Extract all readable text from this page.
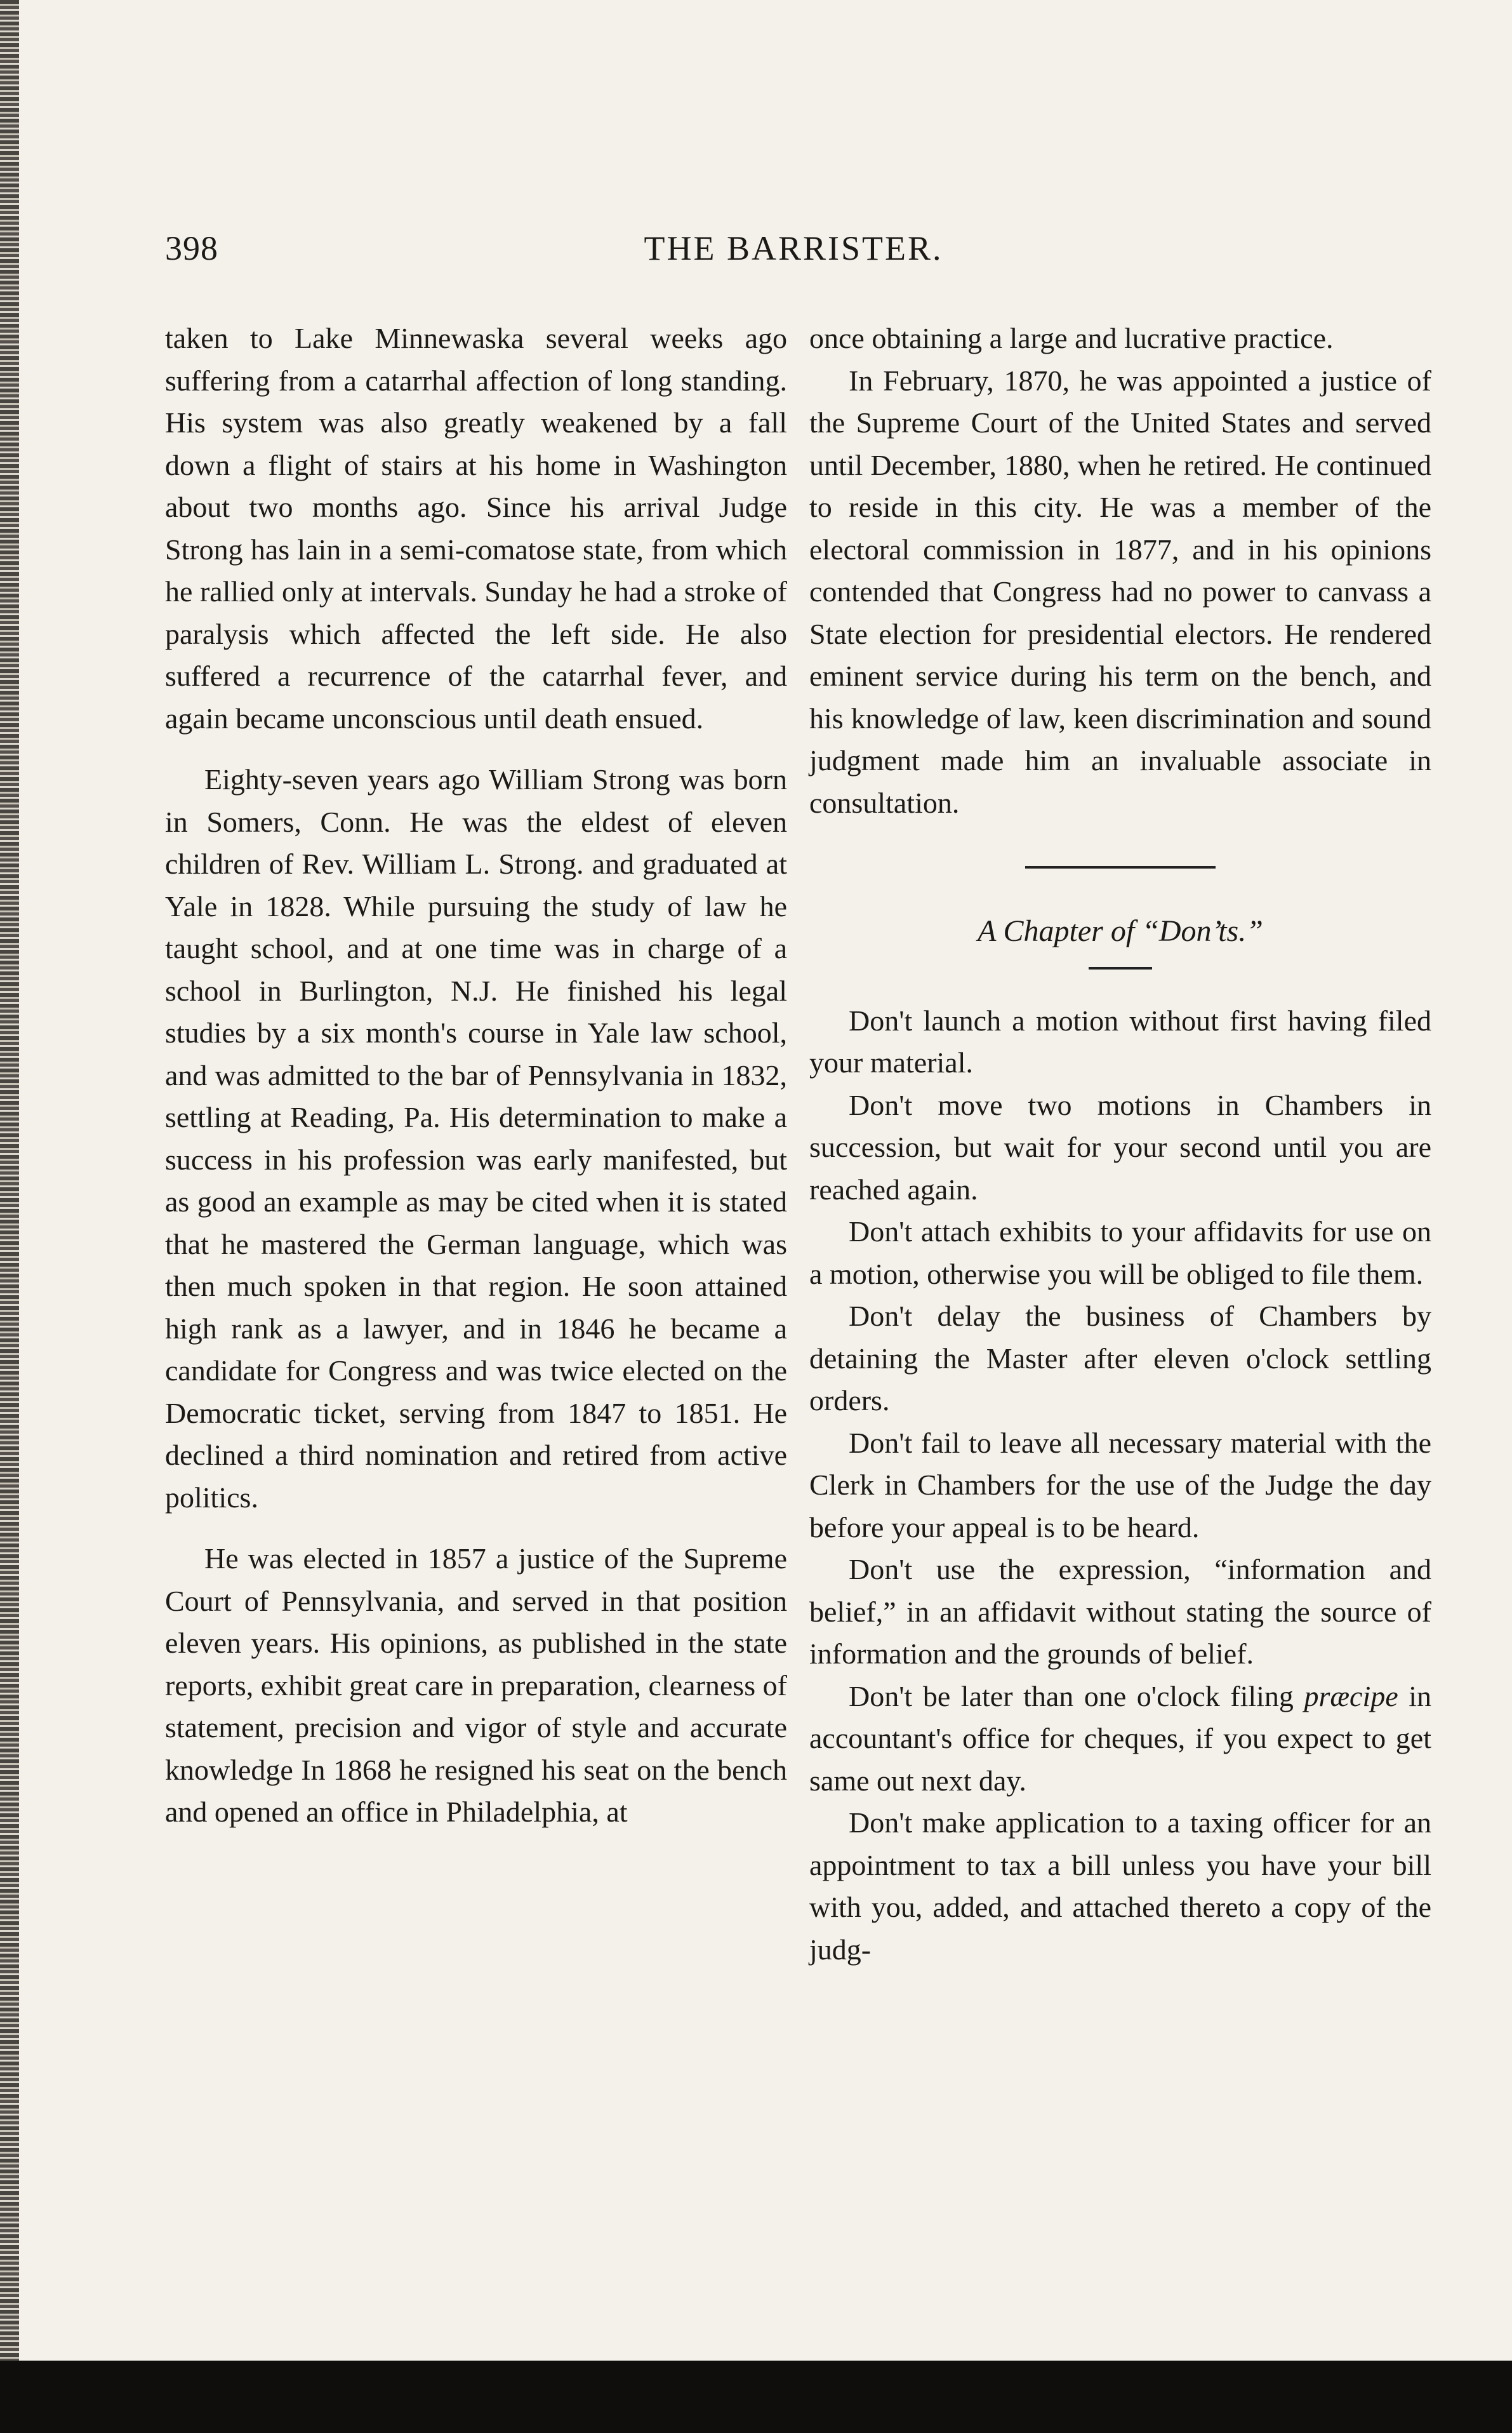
398	THE BARRISTER.

taken to Lake Minnewaska several weeks ago suffering from a catarrhal affection of long standing. His system was also greatly weakened by a fall down a flight of stairs at his home in Washington about two months ago. Since his arrival Judge Strong has lain in a semi-comatose state, from which he rallied only at intervals. Sunday he had a stroke of paralysis which affected the left side. He also suffered a recurrence of the catarrhal fever, and again became unconscious until death ensued.

Eighty-seven years ago William Strong was born in Somers, Conn. He was the eldest of eleven children of Rev. William L. Strong. and graduated at Yale in 1828. While pursuing the study of law he taught school, and at one time was in charge of a school in Burlington, N.J. He finished his legal studies by a six month's course in Yale law school, and was admitted to the bar of Pennsylvania in 1832, settling at Reading, Pa. His determination to make a success in his profession was early manifested, but as good an example as may be cited when it is stated that he mastered the German language, which was then much spoken in that region. He soon attained high rank as a lawyer, and in 1846 he became a candidate for Congress and was twice elected on the Democratic ticket, serving from 1847 to 1851. He declined a third nomination and retired from active politics.

He was elected in 1857 a justice of the Supreme Court of Pennsylvania, and served in that position eleven years. His opinions, as published in the state reports, exhibit great care in preparation, clearness of statement, precision and vigor of style and accurate knowledge In 1868 he resigned his seat on the bench and opened an office in Philadelphia, at

once obtaining a large and lucrative practice.

In February, 1870, he was appointed a justice of the Supreme Court of the United States and served until December, 1880, when he retired. He continued to reside in this city. He was a member of the electoral commission in 1877, and in his opinions contended that Congress had no power to canvass a State election for presidential electors. He rendered eminent service during his term on the bench, and his knowledge of law, keen discrimination and sound judgment made him an invaluable associate in consultation.

A Chapter of “Don’ts.”

Don't launch a motion without first having filed your material.

Don't move two motions in Chambers in succession, but wait for your second until you are reached again.

Don't attach exhibits to your affidavits for use on a motion, otherwise you will be obliged to file them.

Don't delay the business of Chambers by detaining the Master after eleven o'clock settling orders.

Don't fail to leave all necessary material with the Clerk in Chambers for the use of the Judge the day before your appeal is to be heard.

Don't use the expression, “information and belief,” in an affidavit without stating the source of information and the grounds of belief.

Don't be later than one o'clock filing præcipe in accountant's office for cheques, if you expect to get same out next day.

Don't make application to a taxing officer for an appointment to tax a bill unless you have your bill with you, added, and attached thereto a copy of the judg-
